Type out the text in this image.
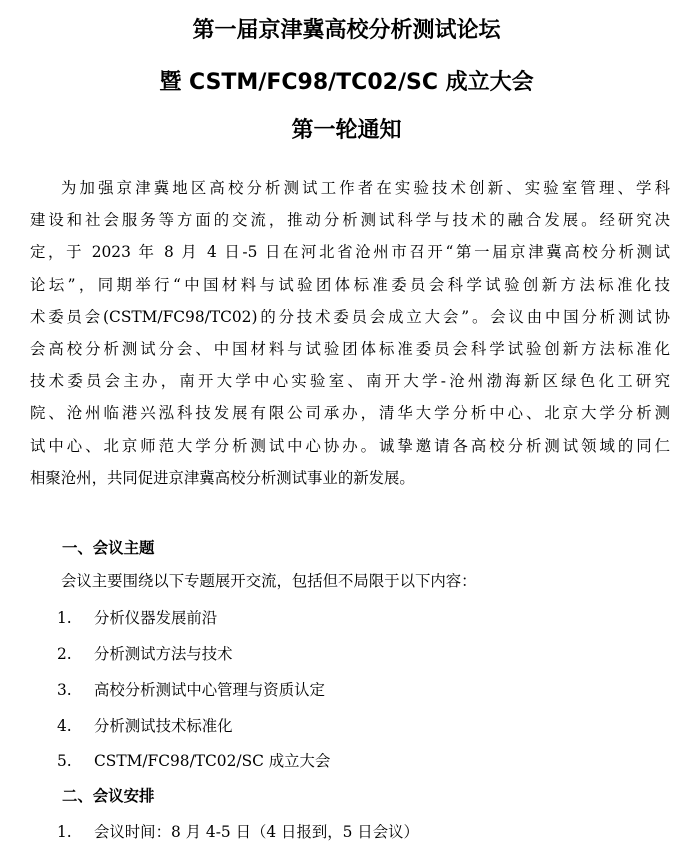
第一届京津冀高校分析测试论坛
暨 CSTM/FC98/TC02/SC 成立大会
第一轮通知
为加强京津冀地区高校分析测试工作者在实验技术创新、实验室管理、学科
建设和社会服务等方面的交流，推动分析测试科学与技术的融合发展。经研究决
定，于 2023 年 8 月 4 日-5 日在河北省沧州市召开“第一届京津冀高校分析测试
论坛”，同期举行“中国材料与试验团体标准委员会科学试验创新方法标准化技
术委员会(CSTM/FC98/TC02)的分技术委员会成立大会”。会议由中国分析测试协
会高校分析测试分会、中国材料与试验团体标准委员会科学试验创新方法标准化
技术委员会主办，南开大学中心实验室、南开大学-沧州渤海新区绿色化工研究
院、沧州临港兴泓科技发展有限公司承办，清华大学分析中心、北京大学分析测
试中心、北京师范大学分析测试中心协办。诚挚邀请各高校分析测试领域的同仁
相聚沧州，共同促进京津冀高校分析测试事业的新发展。
一、会议主题
会议主要围绕以下专题展开交流，包括但不局限于以下内容：
1.	分析仪器发展前沿
2.	分析测试方法与技术
3.	高校分析测试中心管理与资质认定
4.	分析测试技术标准化
5.	CSTM/FC98/TC02/SC 成立大会
二、会议安排
1.	会议时间：8 月 4-5 日（4 日报到，5 日会议）
